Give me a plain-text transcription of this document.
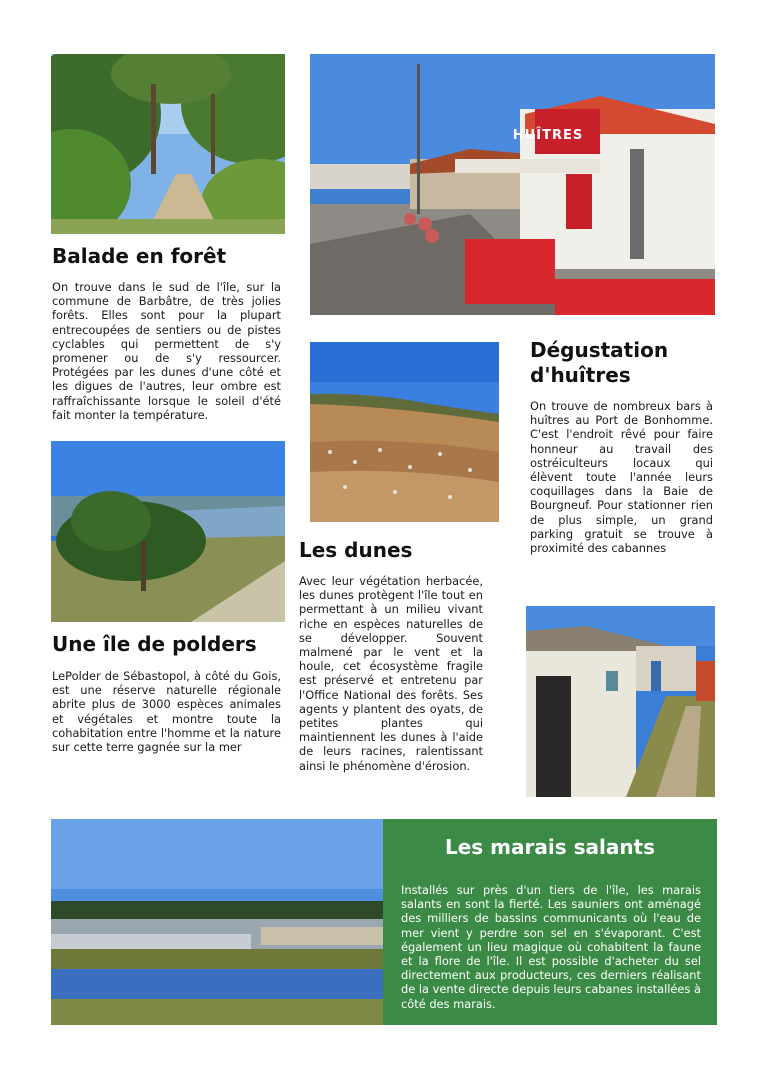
HUÎTRES
Balade en forêt
On trouve dans le sud de l'île, sur la commune de Barbâtre, de très jolies forêts. Elles sont pour la plupart entrecoupées de sentiers ou de pistes cyclables qui permettent de s'y promener ou de s'y ressourcer. Protégées par les dunes d'une côté et les digues de l'autres, leur ombre est raffraîchissante lorsque le soleil d'été fait monter la température.
Dégustation d'huîtres
On trouve de nombreux bars à huîtres au Port de Bonhomme. C'est l'endroit rêvé pour faire honneur au travail des ostréiculteurs locaux qui élèvent toute l'année leurs coquillages dans la Baie de Bourgneuf. Pour stationner rien de plus simple, un grand parking gratuit se trouve à proximité des cabannes
Les dunes
Avec leur végétation herbacée, les dunes protègent l'île tout en permettant à un milieu vivant riche en espèces naturelles de se développer. Souvent malmené par le vent et la houle, cet écosystème fragile est préservé et entretenu par l'Office National des forêts. Ses agents y plantent des oyats, de petites plantes qui maintiennent les dunes à l'aide de leurs racines, ralentissant ainsi le phénomène d'érosion.
Une île de polders
LePolder de Sébastopol, à côté du Gois, est une réserve naturelle régionale abrite plus de 3000 espèces animales et végétales et montre toute la cohabitation entre l'homme et la nature sur cette terre gagnée sur la mer
Les marais salants
Installés sur près d'un tiers de l'île, les marais salants en sont la fierté. Les sauniers ont aménagé des milliers de bassins communicants où l'eau de mer vient y perdre son sel en s'évaporant. C'est également un lieu magique où cohabitent la faune et la flore de l'île. Il est possible d'acheter du sel directement aux producteurs, ces derniers réalisant de la vente directe depuis leurs cabanes installées à côté des marais.
